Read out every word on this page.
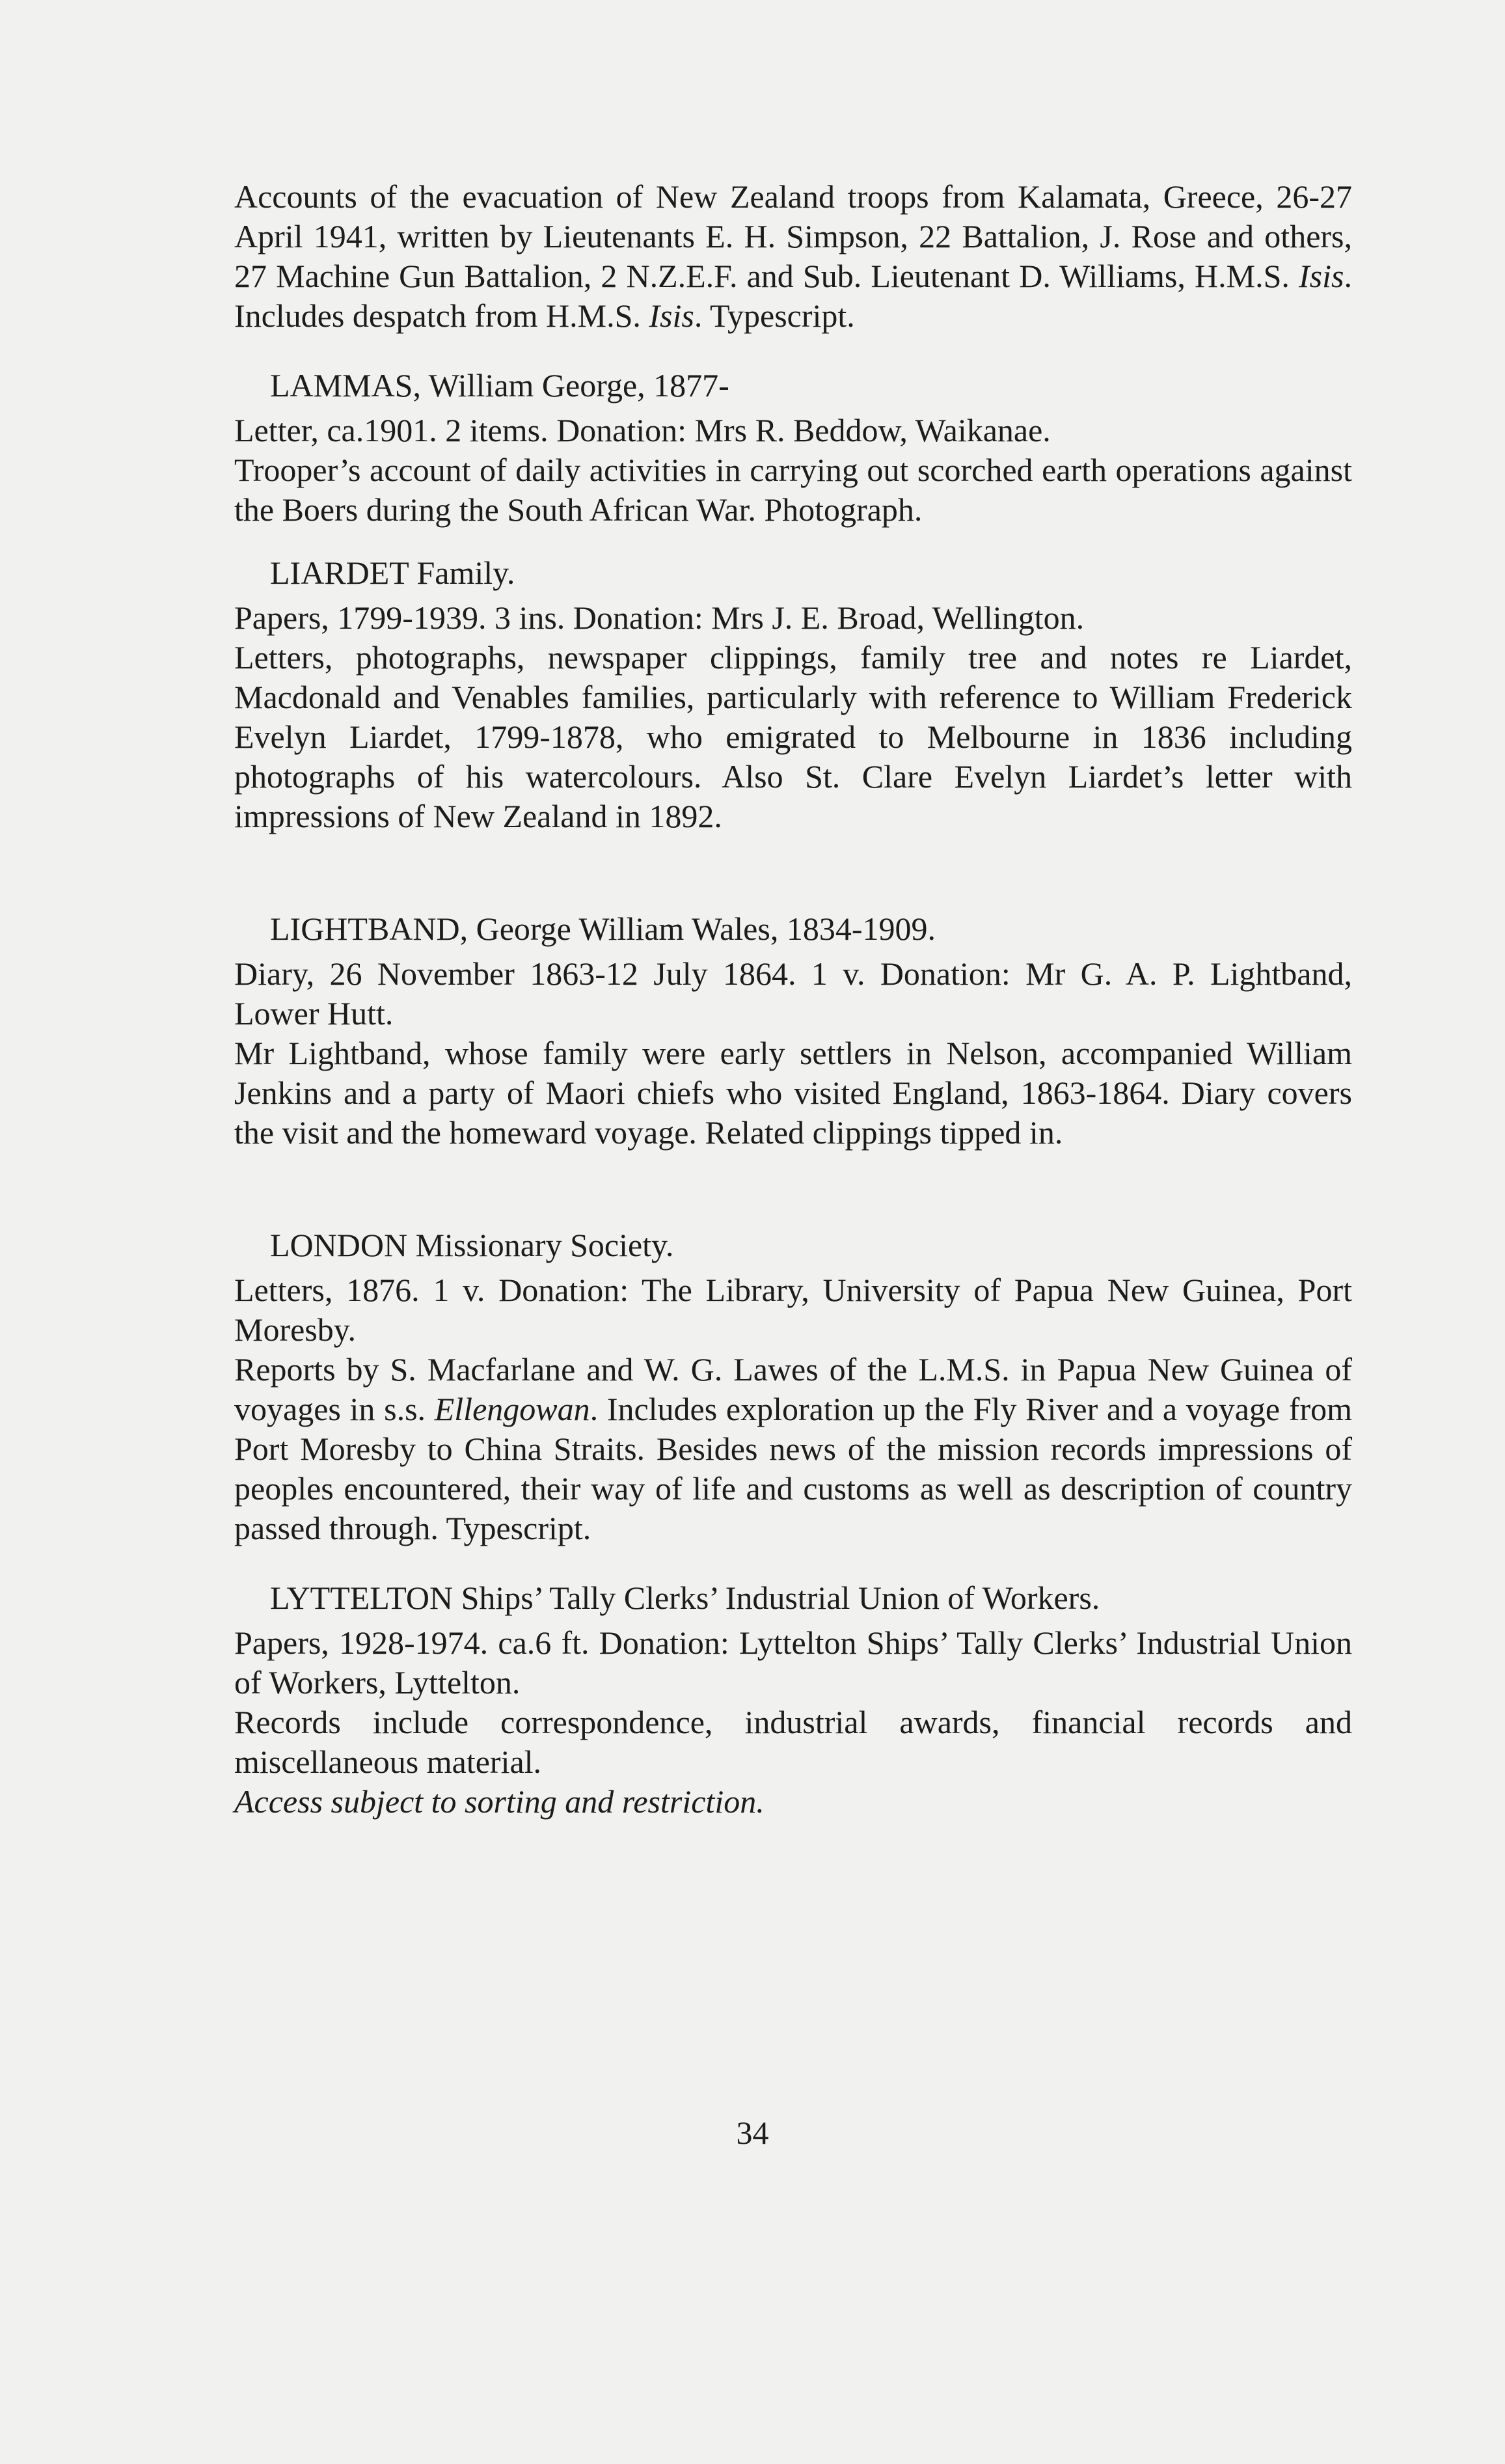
Accounts of the evacuation of New Zealand troops from Kalamata, Greece, 26-27 April 1941, written by Lieutenants E. H. Simpson, 22 Battalion, J. Rose and others, 27 Machine Gun Battalion, 2 N.Z.E.F. and Sub. Lieutenant D. Williams, H.M.S. Isis. Includes despatch from H.M.S. Isis. Typescript.

LAMMAS, William George, 1877-

Letter, ca.1901. 2 items. Donation: Mrs R. Beddow, Waikanae.

Trooper’s account of daily activities in carrying out scorched earth operations against the Boers during the South African War. Photograph.

LIARDET Family.

Papers, 1799-1939. 3 ins. Donation: Mrs J. E. Broad, Wellington.

Letters, photographs, newspaper clippings, family tree and notes re Liardet, Macdonald and Venables families, particularly with reference to William Frederick Evelyn Liardet, 1799-1878, who emigrated to Melbourne in 1836 including photographs of his watercolours. Also St. Clare Evelyn Liardet’s letter with impressions of New Zealand in 1892.

LIGHTBAND, George William Wales, 1834-1909.

Diary, 26 November 1863-12 July 1864. 1 v. Donation: Mr G. A. P. Lightband, Lower Hutt.

Mr Lightband, whose family were early settlers in Nelson, accompanied William Jenkins and a party of Maori chiefs who visited England, 1863-1864. Diary covers the visit and the homeward voyage. Related clippings tipped in.

LONDON Missionary Society.

Letters, 1876. 1 v. Donation: The Library, University of Papua New Guinea, Port Moresby.

Reports by S. Macfarlane and W. G. Lawes of the L.M.S. in Papua New Guinea of voyages in s.s. Ellengowan. Includes exploration up the Fly River and a voyage from Port Moresby to China Straits. Besides news of the mission records impressions of peoples encountered, their way of life and customs as well as description of country passed through. Typescript.

LYTTELTON Ships’ Tally Clerks’ Industrial Union of Workers.

Papers, 1928-1974. ca.6 ft. Donation: Lyttelton Ships’ Tally Clerks’ Industrial Union of Workers, Lyttelton.

Records include correspondence, industrial awards, financial records and miscellaneous material.

Access subject to sorting and restriction.

34
